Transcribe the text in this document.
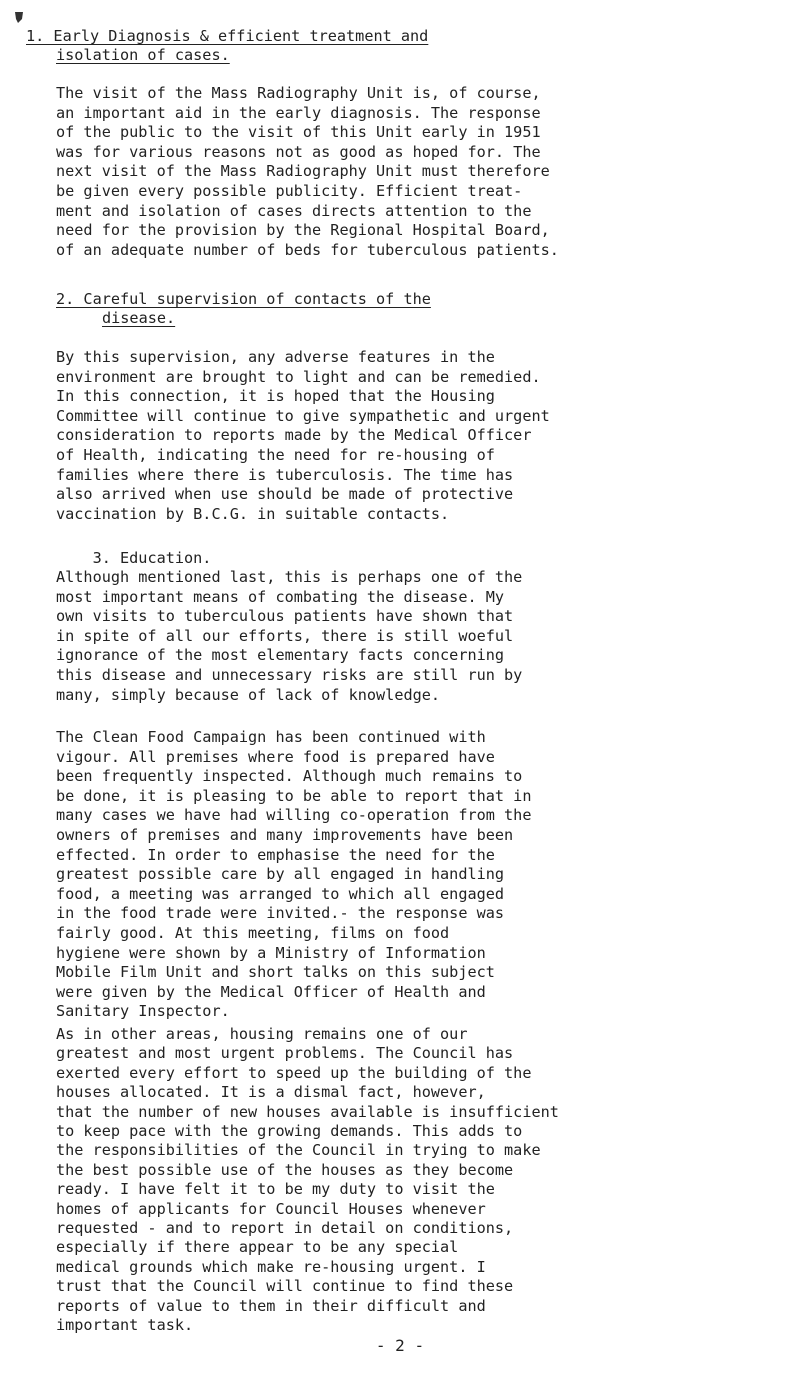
1. Early Diagnosis & efficient treatment and
isolation of cases.
The visit of the Mass Radiography Unit is, of course,
an important aid in the early diagnosis. The response
of the public to the visit of this Unit early in 1951
was for various reasons not as good as hoped for. The
next visit of the Mass Radiography Unit must therefore
be given every possible publicity. Efficient treat-
ment and isolation of cases directs attention to the
need for the provision by the Regional Hospital Board,
of an adequate number of beds for tuberculous patients.
2. Careful supervision of contacts of the
disease.
By this supervision, any adverse features in the
environment are brought to light and can be remedied.
In this connection, it is hoped that the Housing
Committee will continue to give sympathetic and urgent
consideration to reports made by the Medical Officer
of Health, indicating the need for re-housing of
families where there is tuberculosis. The time has
also arrived when use should be made of protective
vaccination by B.C.G. in suitable contacts.

3. Education.

Although mentioned last, this is perhaps one of the
most important means of combating the disease. My
own visits to tuberculous patients have shown that
in spite of all our efforts, there is still woeful
ignorance of the most elementary facts concerning
this disease and unnecessary risks are still run by
many, simply because of lack of knowledge.
The Clean Food Campaign has been continued with
vigour. All premises where food is prepared have
been frequently inspected. Although much remains to
be done, it is pleasing to be able to report that in
many cases we have had willing co-operation from the
owners of premises and many improvements have been
effected. In order to emphasise the need for the
greatest possible care by all engaged in handling
food, a meeting was arranged to which all engaged
in the food trade were invited.- the response was
fairly good. At this meeting, films on food
hygiene were shown by a Ministry of Information
Mobile Film Unit and short talks on this subject
were given by the Medical Officer of Health and
Sanitary Inspector.
As in other areas, housing remains one of our
greatest and most urgent problems. The Council has
exerted every effort to speed up the building of the
houses allocated. It is a dismal fact, however,
that the number of new houses available is insufficient
to keep pace with the growing demands. This adds to
the responsibilities of the Council in trying to make
the best possible use of the houses as they become
ready. I have felt it to be my duty to visit the
homes of applicants for Council Houses whenever
requested - and to report in detail on conditions,
especially if there appear to be any special
medical grounds which make re-housing urgent. I
trust that the Council will continue to find these
reports of value to them in their difficult and
important task.
- 2 -
